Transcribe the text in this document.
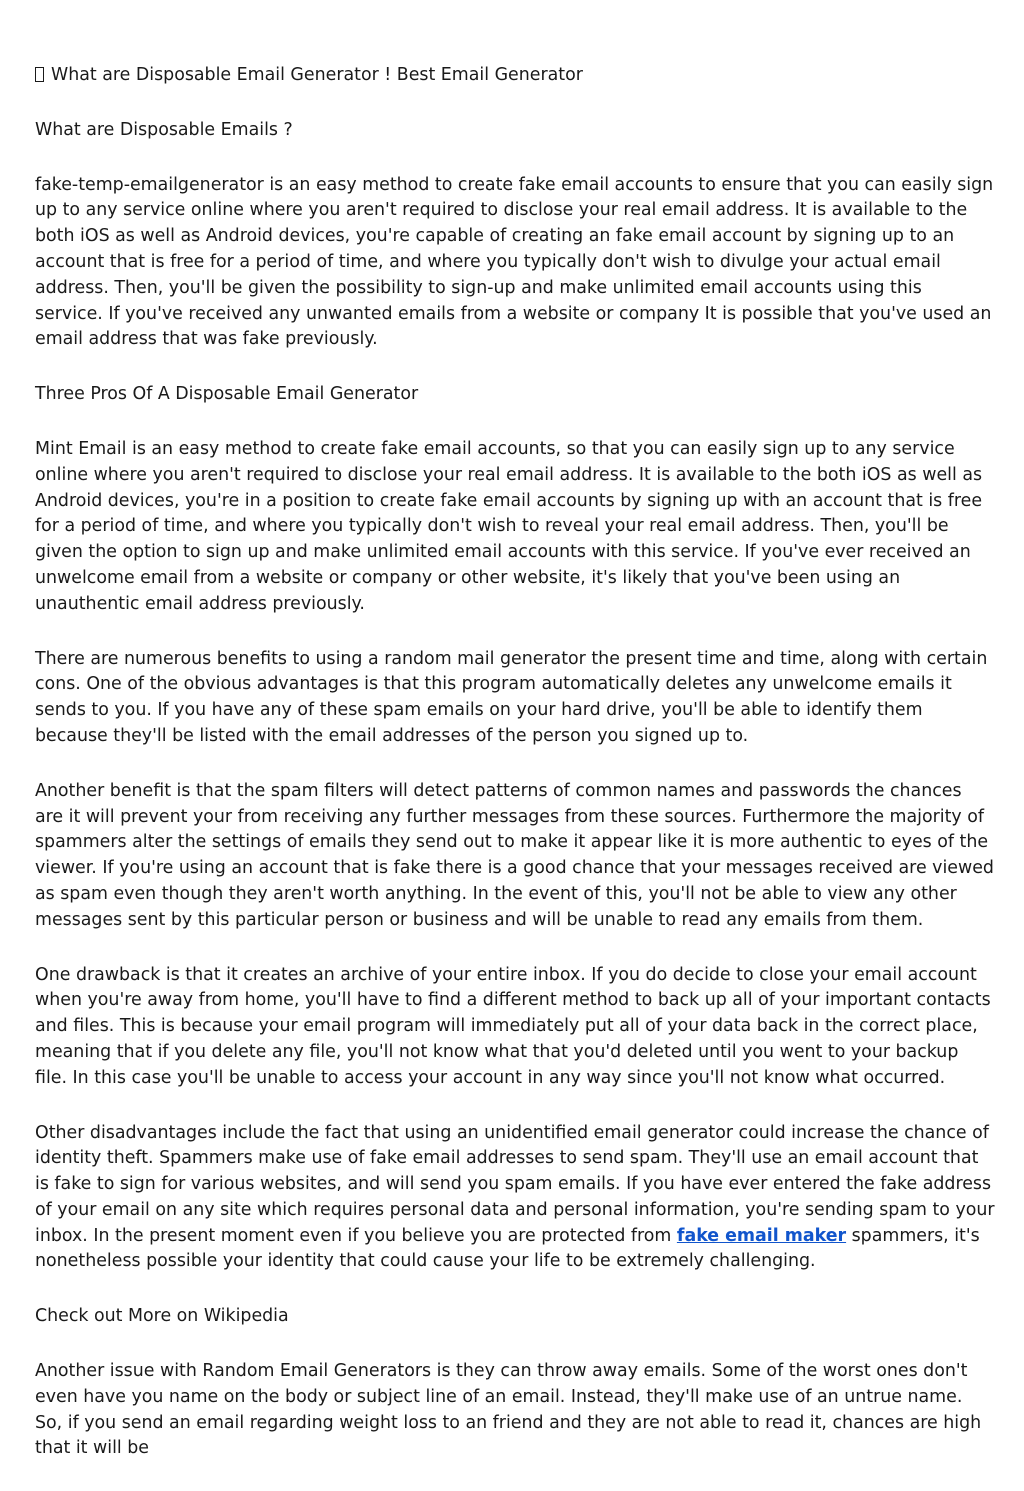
What are Disposable Email Generator ! Best Email Generator

What are Disposable Emails ?

fake-temp-emailgenerator is an easy method to create fake email accounts to ensure that you can easily sign up to any service online where you aren't required to disclose your real email address. It is available to the both iOS as well as Android devices, you're capable of creating an fake email account by signing up to an account that is free for a period of time, and where you typically don't wish to divulge your actual email address. Then, you'll be given the possibility to sign-up and make unlimited email accounts using this service. If you've received any unwanted emails from a website or company It is possible that you've used an email address that was fake previously.

Three Pros Of A Disposable Email Generator

Mint Email is an easy method to create fake email accounts, so that you can easily sign up to any service online where you aren't required to disclose your real email address. It is available to the both iOS as well as Android devices, you're in a position to create fake email accounts by signing up with an account that is free for a period of time, and where you typically don't wish to reveal your real email address. Then, you'll be given the option to sign up and make unlimited email accounts with this service. If you've ever received an unwelcome email from a website or company or other website, it's likely that you've been using an unauthentic email address previously.

There are numerous benefits to using a random mail generator the present time and time, along with certain cons. One of the obvious advantages is that this program automatically deletes any unwelcome emails it sends to you. If you have any of these spam emails on your hard drive, you'll be able to identify them because they'll be listed with the email addresses of the person you signed up to.

Another benefit is that the spam filters will detect patterns of common names and passwords the chances are it will prevent your from receiving any further messages from these sources. Furthermore the majority of spammers alter the settings of emails they send out to make it appear like it is more authentic to eyes of the viewer. If you're using an account that is fake there is a good chance that your messages received are viewed as spam even though they aren't worth anything. In the event of this, you'll not be able to view any other messages sent by this particular person or business and will be unable to read any emails from them.

One drawback is that it creates an archive of your entire inbox. If you do decide to close your email account when you're away from home, you'll have to find a different method to back up all of your important contacts and files. This is because your email program will immediately put all of your data back in the correct place, meaning that if you delete any file, you'll not know what that you'd deleted until you went to your backup file. In this case you'll be unable to access your account in any way since you'll not know what occurred.

Other disadvantages include the fact that using an unidentified email generator could increase the chance of identity theft. Spammers make use of fake email addresses to send spam. They'll use an email account that is fake to sign for various websites, and will send you spam emails. If you have ever entered the fake address of your email on any site which requires personal data and personal information, you're sending spam to your inbox. In the present moment even if you believe you are protected from fake email maker spammers, it's nonetheless possible your identity that could cause your life to be extremely challenging.

Check out More on Wikipedia

Another issue with Random Email Generators is they can throw away emails. Some of the worst ones don't even have you name on the body or subject line of an email. Instead, they'll make use of an untrue name. So, if you send an email regarding weight loss to an friend and they are not able to read it, chances are high that it will be
